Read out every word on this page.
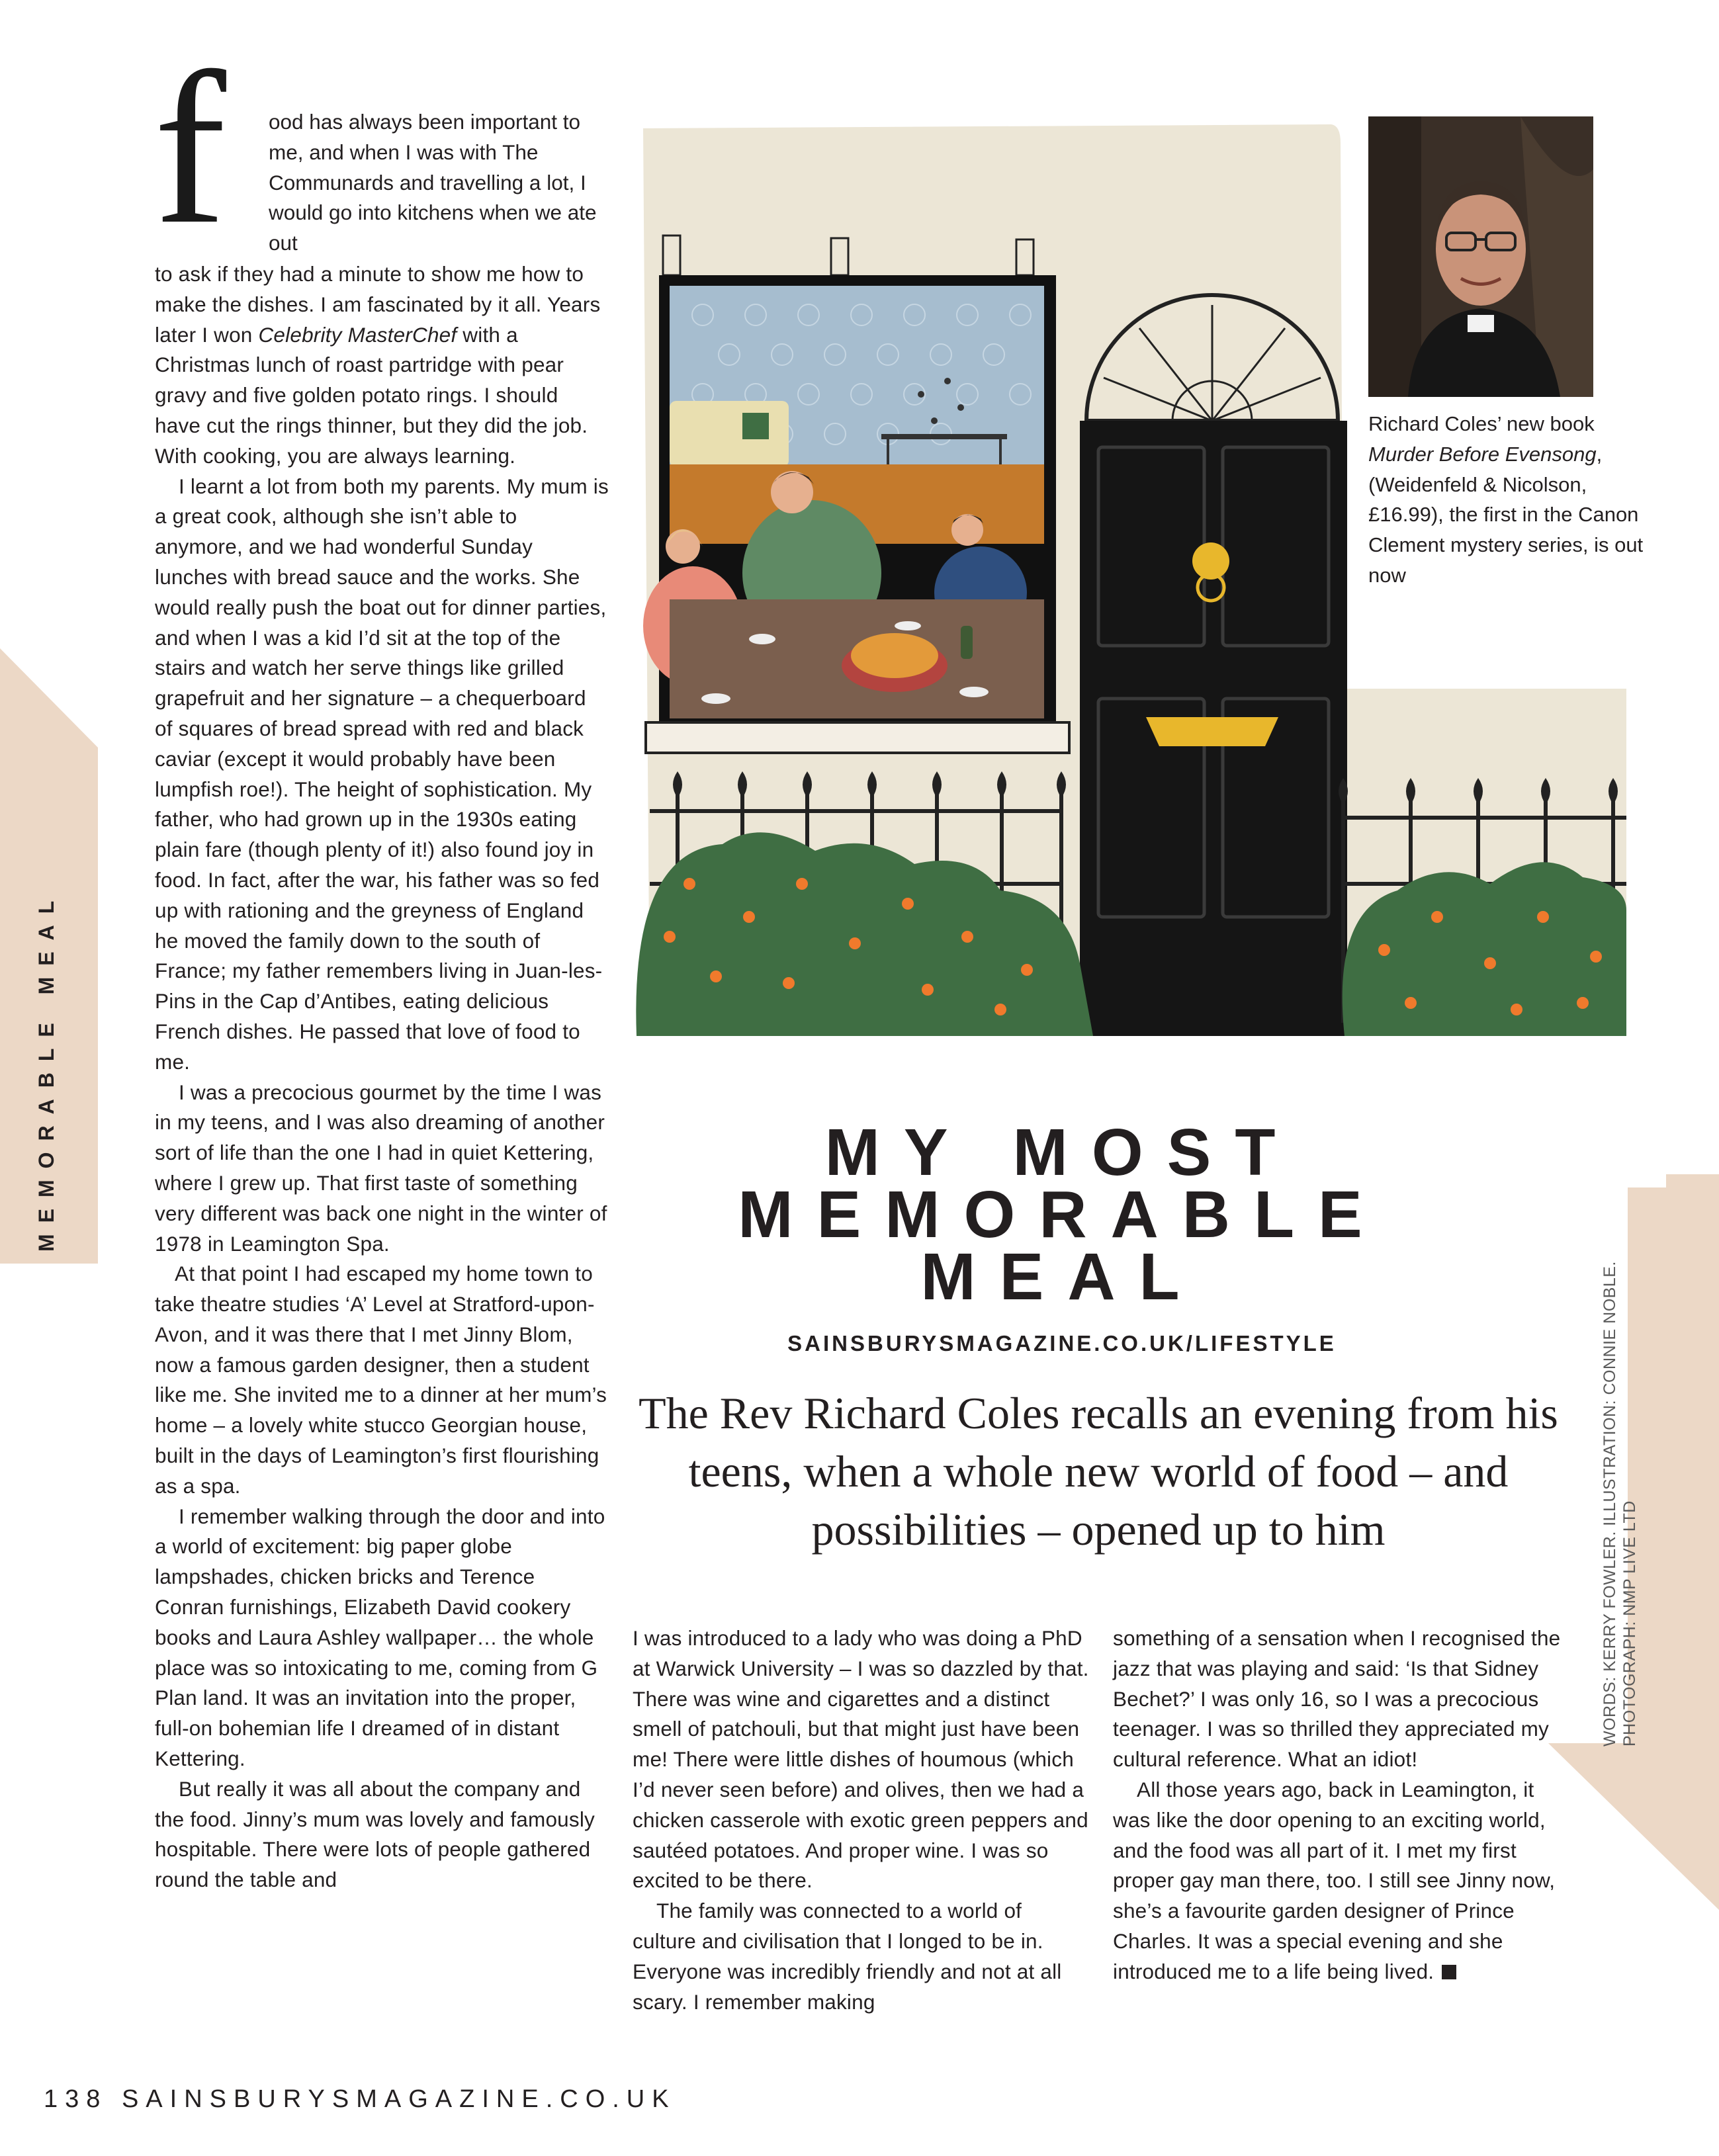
MEMORABLE MEAL
f	ood has always been important to me, and when I was with The Communards and travelling a lot, I would go into kitchens when we ate out

to ask if they had a minute to show me how to make the dishes. I am fascinated by it all. Years later I won Celebrity MasterChef with a Christmas lunch of roast partridge with pear gravy and five golden potato rings. I should have cut the rings thinner, but they did the job. With cooking, you are always learning.

I learnt a lot from both my parents. My mum is a great cook, although she isn’t able to anymore, and we had wonderful Sunday lunches with bread sauce and the works. She would really push the boat out for dinner parties, and when I was a kid I’d sit at the top of the stairs and watch her serve things like grilled grapefruit and her signature – a chequerboard of squares of bread spread with red and black caviar (except it would probably have been lumpfish roe!). The height of sophistication. My father, who had grown up in the 1930s eating plain fare (though plenty of it!) also found joy in food. In fact, after the war, his father was so fed up with rationing and the greyness of England he moved the family down to the south of France; my father remembers living in Juan-les-Pins in the Cap d’Antibes, eating delicious French dishes. He passed that love of food to me.

I was a precocious gourmet by the time I was in my teens, and I was also dreaming of another sort of life than the one I had in quiet Kettering, where I grew up. That first taste of something very different was back one night in the winter of 1978 in Leamington Spa.

At that point I had escaped my home town to take theatre studies ‘A’ Level at Stratford-upon-Avon, and it was there that I met Jinny Blom, now a famous garden designer, then a student like me. She invited me to a dinner at her mum’s home – a lovely white stucco Georgian house, built in the days of Leamington’s first flourishing as a spa.

I remember walking through the door and into a world of excitement: big paper globe lampshades, chicken bricks and Terence Conran furnishings, Elizabeth David cookery books and Laura Ashley wallpaper… the whole place was so intoxicating to me, coming from G Plan land. It was an invitation into the proper, full-on bohemian life I dreamed of in distant Kettering.

But really it was all about the company and the food. Jinny’s mum was lovely and famously hospitable. There were lots of people gathered round the table and

Richard Coles’ new book Murder Before Evensong, (Weidenfeld & Nicolson, £16.99), the first in the Canon Clement mystery series, is out now
MY MOST
MEMORABLE
MEAL
SAINSBURYSMAGAZINE.CO.UK/LIFESTYLE
The Rev Richard Coles recalls an evening from his teens, when a whole new world of food – and possibilities – opened up to him	WORDS: KERRY FOWLER. ILLUSTRATION: CONNIE NOBLE. PHOTOGRAPH: NMP LIVE LTD

I was introduced to a lady who was doing a PhD at Warwick University – I was so dazzled by that. There was wine and cigarettes and a distinct smell of patchouli, but that might just have been me! There were little dishes of houmous (which I’d never seen before) and olives, then we had a chicken casserole with exotic green peppers and sautéed potatoes. And proper wine. I was so excited to be there.

The family was connected to a world of culture and civilisation that I longed to be in. Everyone was incredibly friendly and not at all scary. I remember making

something of a sensation when I recognised the jazz that was playing and said: ‘Is that Sidney Bechet?’ I was only 16, so I was a precocious teenager. I was so thrilled they appreciated my cultural reference. What an idiot!

All those years ago, back in Leamington, it was like the door opening to an exciting world, and the food was all part of it. I met my first proper gay man there, too. I still see Jinny now, she’s a favourite garden designer of Prince Charles. It was a special evening and she introduced me to a life being lived.

138 SAINSBURYSMAGAZINE.CO.UK
